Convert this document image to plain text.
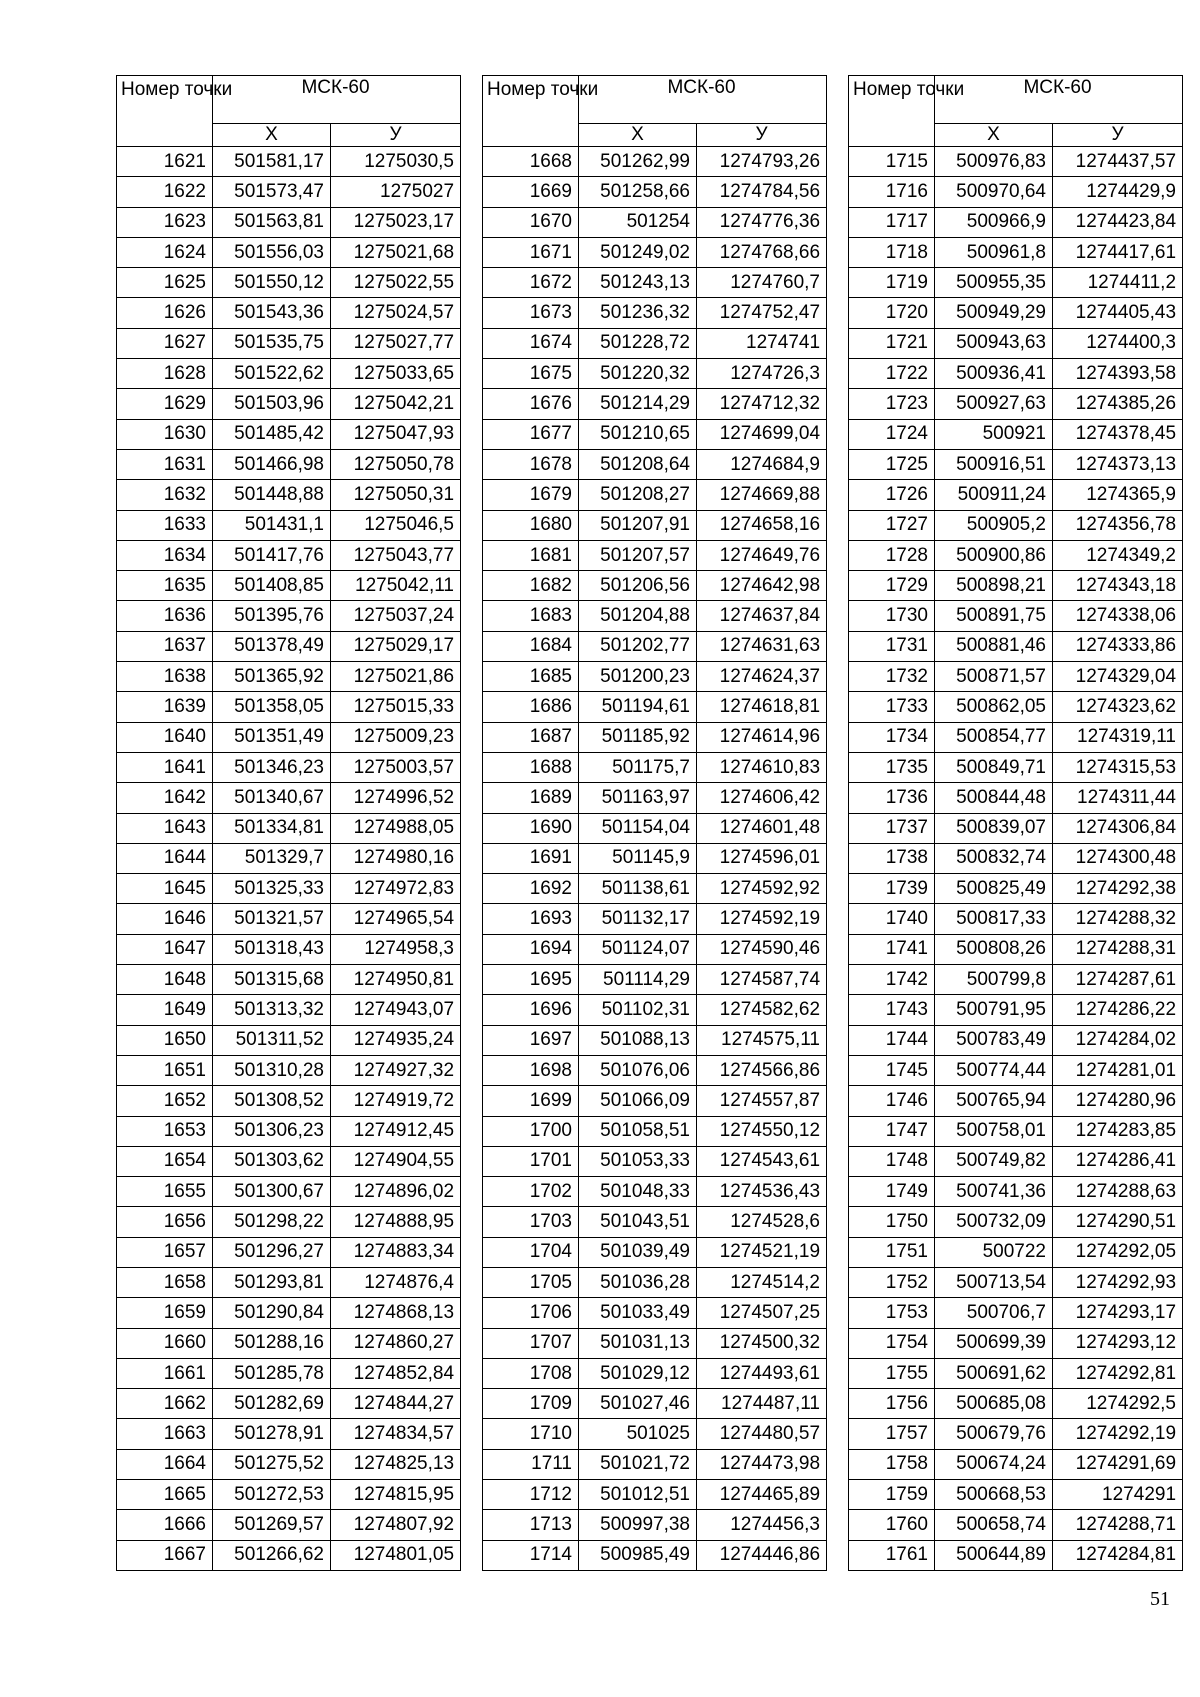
Номер точки	МСК-60	
	Х	У
1621	501581,17	1275030,5
1622	501573,47	1275027
1623	501563,81	1275023,17
1624	501556,03	1275021,68
1625	501550,12	1275022,55
1626	501543,36	1275024,57
1627	501535,75	1275027,77
1628	501522,62	1275033,65
1629	501503,96	1275042,21
1630	501485,42	1275047,93
1631	501466,98	1275050,78
1632	501448,88	1275050,31
1633	501431,1	1275046,5
1634	501417,76	1275043,77
1635	501408,85	1275042,11
1636	501395,76	1275037,24
1637	501378,49	1275029,17
1638	501365,92	1275021,86
1639	501358,05	1275015,33
1640	501351,49	1275009,23
1641	501346,23	1275003,57
1642	501340,67	1274996,52
1643	501334,81	1274988,05
1644	501329,7	1274980,16
1645	501325,33	1274972,83
1646	501321,57	1274965,54
1647	501318,43	1274958,3
1648	501315,68	1274950,81
1649	501313,32	1274943,07
1650	501311,52	1274935,24
1651	501310,28	1274927,32
1652	501308,52	1274919,72
1653	501306,23	1274912,45
1654	501303,62	1274904,55
1655	501300,67	1274896,02
1656	501298,22	1274888,95
1657	501296,27	1274883,34
1658	501293,81	1274876,4
1659	501290,84	1274868,13
1660	501288,16	1274860,27
1661	501285,78	1274852,84
1662	501282,69	1274844,27
1663	501278,91	1274834,57
1664	501275,52	1274825,13
1665	501272,53	1274815,95
1666	501269,57	1274807,92
1667	501266,62	1274801,05
Номер точки	МСК-60	
	Х	У
1668	501262,99	1274793,26
1669	501258,66	1274784,56
1670	501254	1274776,36
1671	501249,02	1274768,66
1672	501243,13	1274760,7
1673	501236,32	1274752,47
1674	501228,72	1274741
1675	501220,32	1274726,3
1676	501214,29	1274712,32
1677	501210,65	1274699,04
1678	501208,64	1274684,9
1679	501208,27	1274669,88
1680	501207,91	1274658,16
1681	501207,57	1274649,76
1682	501206,56	1274642,98
1683	501204,88	1274637,84
1684	501202,77	1274631,63
1685	501200,23	1274624,37
1686	501194,61	1274618,81
1687	501185,92	1274614,96
1688	501175,7	1274610,83
1689	501163,97	1274606,42
1690	501154,04	1274601,48
1691	501145,9	1274596,01
1692	501138,61	1274592,92
1693	501132,17	1274592,19
1694	501124,07	1274590,46
1695	501114,29	1274587,74
1696	501102,31	1274582,62
1697	501088,13	1274575,11
1698	501076,06	1274566,86
1699	501066,09	1274557,87
1700	501058,51	1274550,12
1701	501053,33	1274543,61
1702	501048,33	1274536,43
1703	501043,51	1274528,6
1704	501039,49	1274521,19
1705	501036,28	1274514,2
1706	501033,49	1274507,25
1707	501031,13	1274500,32
1708	501029,12	1274493,61
1709	501027,46	1274487,11
1710	501025	1274480,57
1711	501021,72	1274473,98
1712	501012,51	1274465,89
1713	500997,38	1274456,3
1714	500985,49	1274446,86
Номер точки	МСК-60	
	Х	У
1715	500976,83	1274437,57
1716	500970,64	1274429,9
1717	500966,9	1274423,84
1718	500961,8	1274417,61
1719	500955,35	1274411,2
1720	500949,29	1274405,43
1721	500943,63	1274400,3
1722	500936,41	1274393,58
1723	500927,63	1274385,26
1724	500921	1274378,45
1725	500916,51	1274373,13
1726	500911,24	1274365,9
1727	500905,2	1274356,78
1728	500900,86	1274349,2
1729	500898,21	1274343,18
1730	500891,75	1274338,06
1731	500881,46	1274333,86
1732	500871,57	1274329,04
1733	500862,05	1274323,62
1734	500854,77	1274319,11
1735	500849,71	1274315,53
1736	500844,48	1274311,44
1737	500839,07	1274306,84
1738	500832,74	1274300,48
1739	500825,49	1274292,38
1740	500817,33	1274288,32
1741	500808,26	1274288,31
1742	500799,8	1274287,61
1743	500791,95	1274286,22
1744	500783,49	1274284,02
1745	500774,44	1274281,01
1746	500765,94	1274280,96
1747	500758,01	1274283,85
1748	500749,82	1274286,41
1749	500741,36	1274288,63
1750	500732,09	1274290,51
1751	500722	1274292,05
1752	500713,54	1274292,93
1753	500706,7	1274293,17
1754	500699,39	1274293,12
1755	500691,62	1274292,81
1756	500685,08	1274292,5
1757	500679,76	1274292,19
1758	500674,24	1274291,69
1759	500668,53	1274291
1760	500658,74	1274288,71
1761	500644,89	1274284,81
51
